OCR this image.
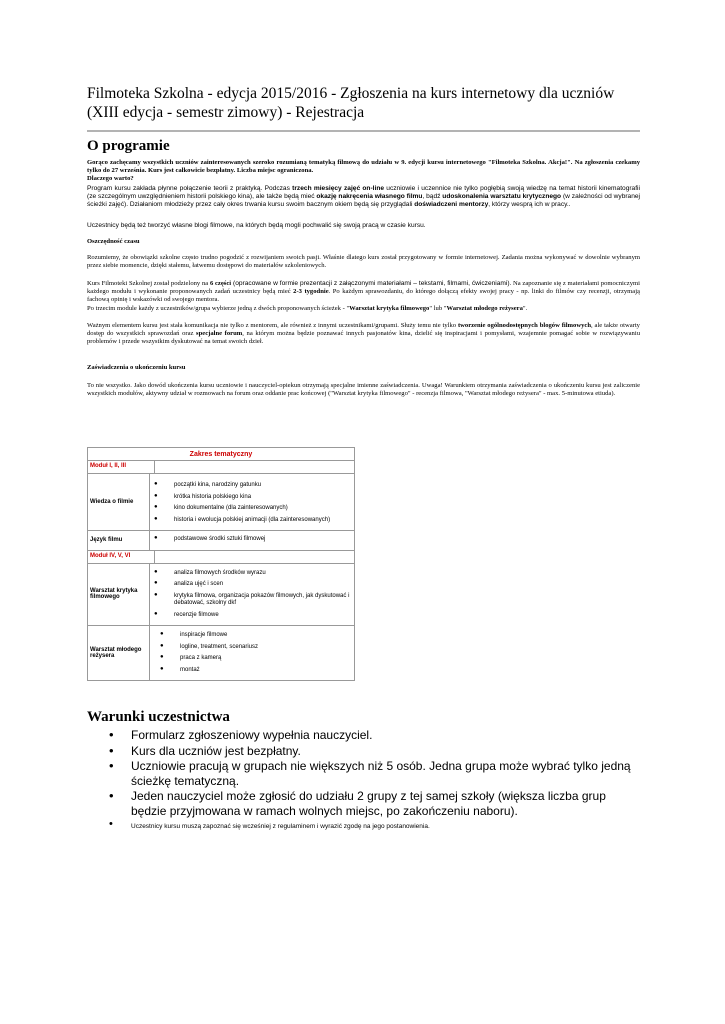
Filmoteka Szkolna - edycja 2015/2016 - Zgłoszenia na kurs internetowy dla uczniów (XIII edycja - semestr zimowy) - Rejestracja
O programie
Gorąco zachęcamy wszystkich uczniów zainteresowanych szeroko rozumianą tematyką filmową do udziału w 9. edycji kursu internetowego "Filmoteka Szkolna. Akcja!". Na zgłoszenia czekamy tylko do 27 września. Kurs jest całkowicie bezpłatny. Liczba miejsc ograniczona.
Dlaczego warto?
Program kursu zakłada płynne połączenie teorii z praktyką. Podczas trzech miesięcy zajęć on-line uczniowie i uczennice nie tylko pogłębią swoją wiedzę na temat historii kinematografii (ze szczególnym uwzględnieniem historii polskiego kina), ale także będą mieć okazję nakręcenia własnego filmu, bądź udoskonalenia warsztatu krytycznego (w zależności od wybranej ścieżki zajęć). Działaniom młodzieży przez cały okres trwania kursu swoim bacznym okiem będą się przyglądali doświadczeni mentorzy, którzy wesprą ich w pracy..
Uczestnicy będą też tworzyć własne blogi filmowe, na których będą mogli pochwalić się swoją pracą w czasie kursu.
Oszczędność czasu
Rozumiemy, że obowiązki szkolne często trudno pogodzić z rozwijaniem swoich pasji. Właśnie dlatego kurs został przygotowany w formie internetowej. Zadania można wykonywać w dowolnie wybranym przez siebie momencie, dzięki stałemu, łatwemu dostępowi do materiałów szkoleniowych.
Kurs Filmoteki Szkolnej został podzielony na 6 części (opracowane w formie prezentacji z załączonymi materiałami – tekstami, filmami, ćwiczeniami). Na zapoznanie się z materiałami pomocniczymi każdego modułu i wykonanie proponowanych zadań uczestnicy będą mieć 2-3 tygodnie. Po każdym sprawozdaniu, do którego dołączą efekty swojej pracy - np. linki do filmów czy recenzji, otrzymają fachową opinię i wskazówki od swojego mentora.
Po trzecim module każdy z uczestników/grupa wybierze jedną z dwóch proponowanych ścieżek - "Warsztat krytyka filmowego" lub "Warsztat młodego reżysera".
Ważnym elementem kursu jest stała komunikacja nie tylko z mentorem, ale również z innymi uczestnikami/grupami. Służy temu nie tylko tworzenie ogólnodostępnych blogów filmowych, ale także otwarty dostęp do wszystkich sprawozdań oraz specjalne forum, na którym można będzie poznawać innych pasjonatów kina, dzielić się inspiracjami i pomysłami, wzajemnie pomagać sobie w rozwiązywaniu problemów i przede wszystkim dyskutować na temat swoich dzieł.
Zaświadczenia o ukończeniu kursu
To nie wszystko. Jako dowód ukończenia kursu uczniowie i nauczyciel-opiekun otrzymają specjalne imienne zaświadczenia. Uwaga! Warunkiem otrzymania zaświadczenia o ukończeniu kursu jest zaliczenie wszystkich modułów, aktywny udział w rozmowach na forum oraz oddanie prac końcowej ("Warsztat krytyka filmowego" - recenzja filmowa, "Warsztat młodego reżysera" - max. 5-minutowa etiuda).
Zakres tematyczny
Moduł I, II, III
Wiedza o filmie
● początki kina, narodziny gatunku
● krótka historia polskiego kina
● kino dokumentalne (dla zainteresowanych)
● historia i ewolucja polskiej animacji (dla zainteresowanych)
Język filmu
●	podstawowe środki sztuki filmowej
Moduł IV, V, VI
Warsztat krytyka filmowego
● analiza filmowych środków wyrazu
● analiza ujęć i scen
● krytyka filmowa, organizacja pokazów filmowych, jak dyskutować i debatować, szkolny dkf
● recenzje filmowe
Warsztat młodego reżysera
● inspiracje filmowe
● logline, treatment, scenariusz
● praca z kamerą
● montaż
Warunki uczestnictwa
• Formularz zgłoszeniowy wypełnia nauczyciel.
• Kurs dla uczniów jest bezpłatny.
• Uczniowie pracują w grupach nie większych niż 5 osób. Jedna grupa może wybrać tylko jedną ścieżkę tematyczną.
• Jeden nauczyciel może zgłosić do udziału 2 grupy z tej samej szkoły (większa liczba grup będzie przyjmowana w ramach wolnych miejsc, po zakończeniu naboru).
• Uczestnicy kursu muszą zapoznać się wcześniej z regulaminem i wyrazić zgodę na jego postanowienia.
